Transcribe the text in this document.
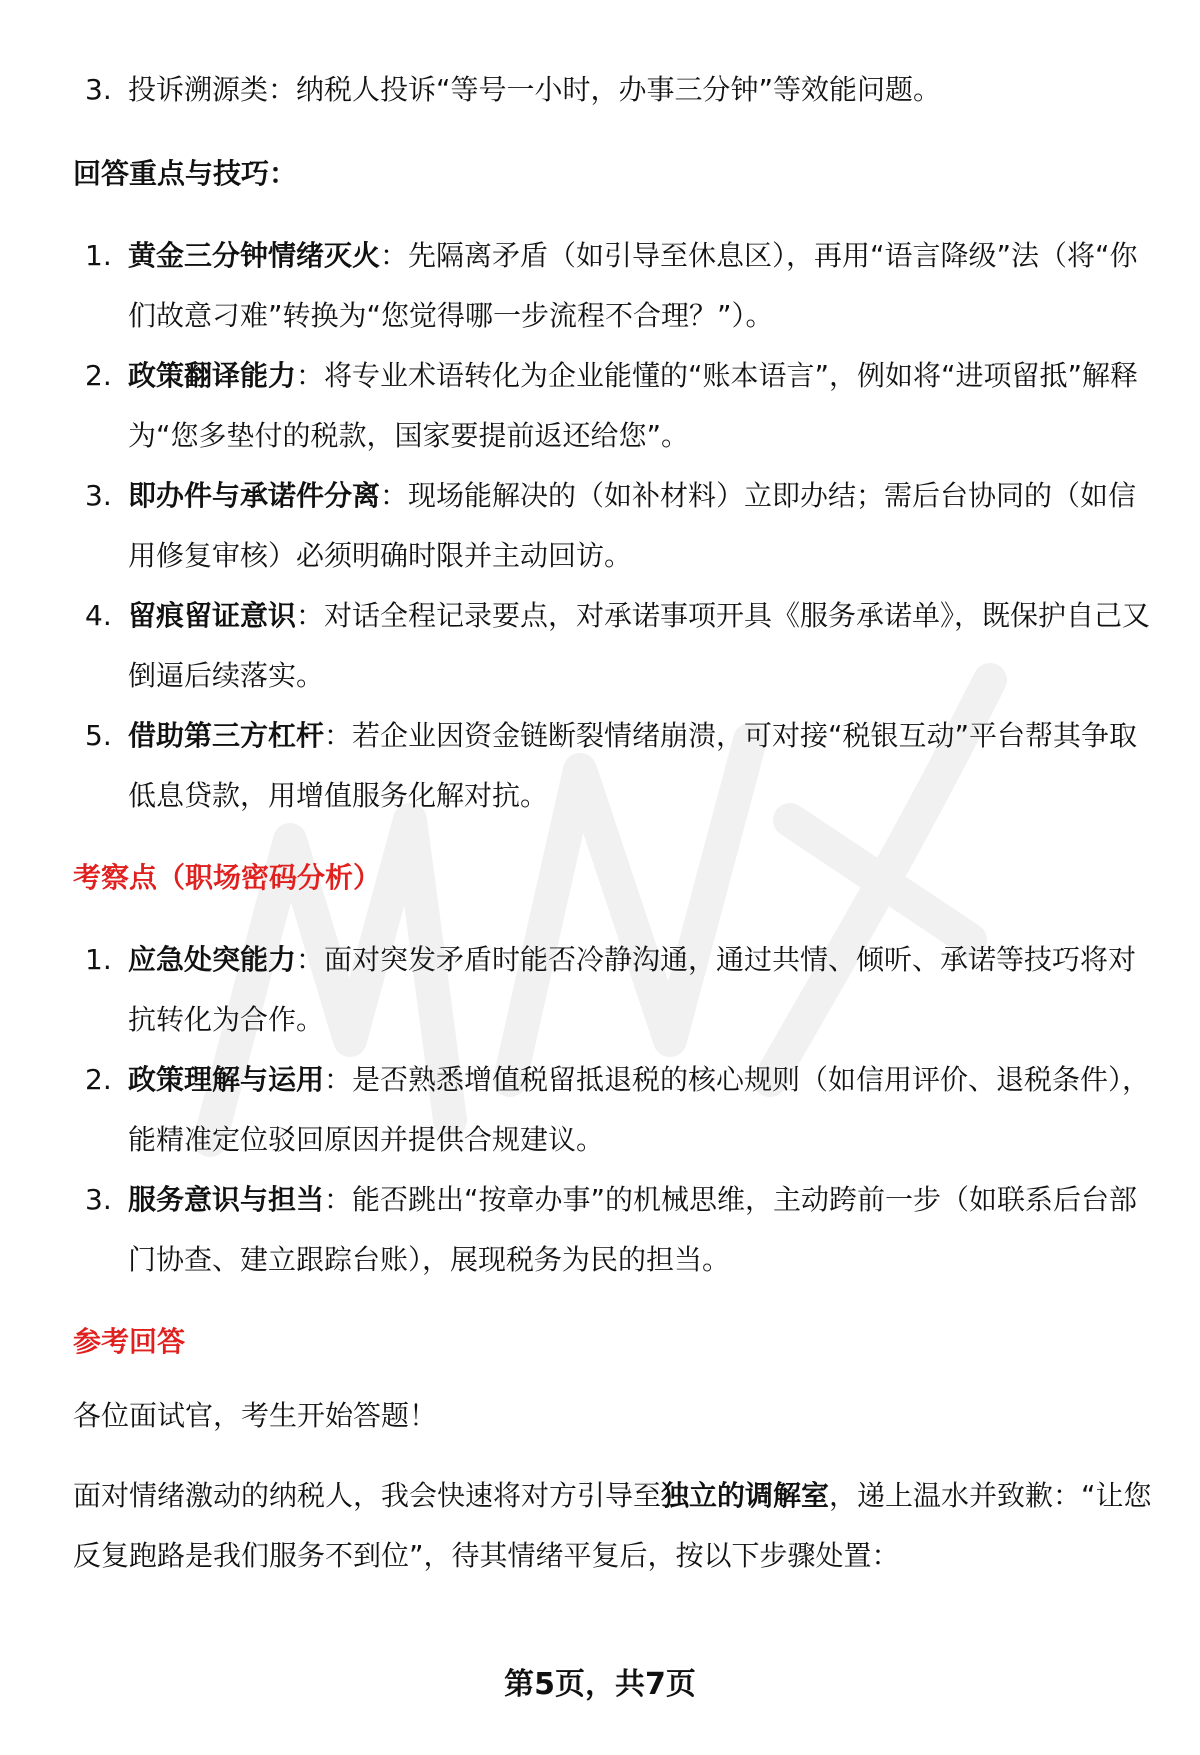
3. 投诉溯源类：纳税人投诉“等号一小时，办事三分钟”等效能问题。
回答重点与技巧：
1. 黄金三分钟情绪灭火：先隔离矛盾（如引导至休息区），再用“语言降级”法（将“你们故意刁难”转换为“您觉得哪一步流程不合理？”）。
2. 政策翻译能力：将专业术语转化为企业能懂的“账本语言”，例如将“进项留抵”解释为“您多垫付的税款，国家要提前返还给您”。
3. 即办件与承诺件分离：现场能解决的（如补材料）立即办结；需后台协同的（如信用修复审核）必须明确时限并主动回访。
4. 留痕留证意识：对话全程记录要点，对承诺事项开具《服务承诺单》，既保护自己又倒逼后续落实。
5. 借助第三方杠杆：若企业因资金链断裂情绪崩溃，可对接“税银互动”平台帮其争取低息贷款，用增值服务化解对抗。
考察点（职场密码分析）
1. 应急处突能力：面对突发矛盾时能否冷静沟通，通过共情、倾听、承诺等技巧将对抗转化为合作。
2. 政策理解与运用：是否熟悉增值税留抵退税的核心规则（如信用评价、退税条件），能精准定位驳回原因并提供合规建议。
3. 服务意识与担当：能否跳出“按章办事”的机械思维，主动跨前一步（如联系后台部门协查、建立跟踪台账），展现税务为民的担当。
参考回答
各位面试官，考生开始答题！
面对情绪激动的纳税人，我会快速将对方引导至独立的调解室，递上温水并致歉：“让您反复跑路是我们服务不到位”，待其情绪平复后，按以下步骤处置：
第5页，共7页
